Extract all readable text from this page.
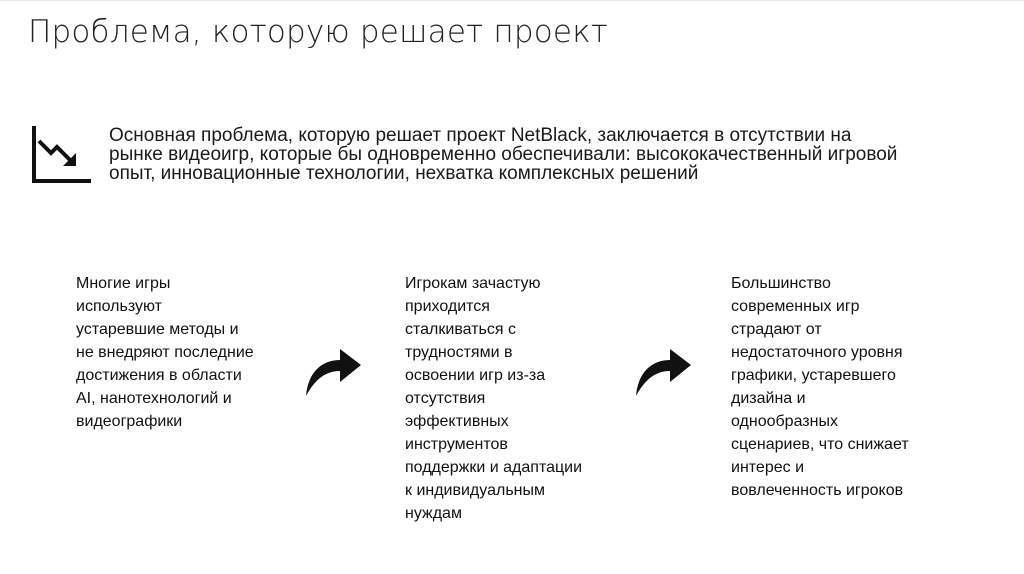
Проблема, которую решает проект
Основная проблема, которую решает проект NetBlack, заключается в отсутствии на рынке видеоигр, которые бы одновременно обеспечивали: высококачественный игровой опыт, инновационные технологии, нехватка комплексных решений
Многие игры
используют
устаревшие методы и
не внедряют последние
достижения в области
AI, нанотехнологий и
видеографики
Игрокам зачастую
приходится
сталкиваться с
трудностями в
освоении игр из-за
отсутствия
эффективных
инструментов
поддержки и адаптации
к индивидуальным
нуждам
Большинство
современных игр
страдают от
недостаточного уровня
графики, устаревшего
дизайна и
однообразных
сценариев, что снижает
интерес и
вовлеченность игроков
